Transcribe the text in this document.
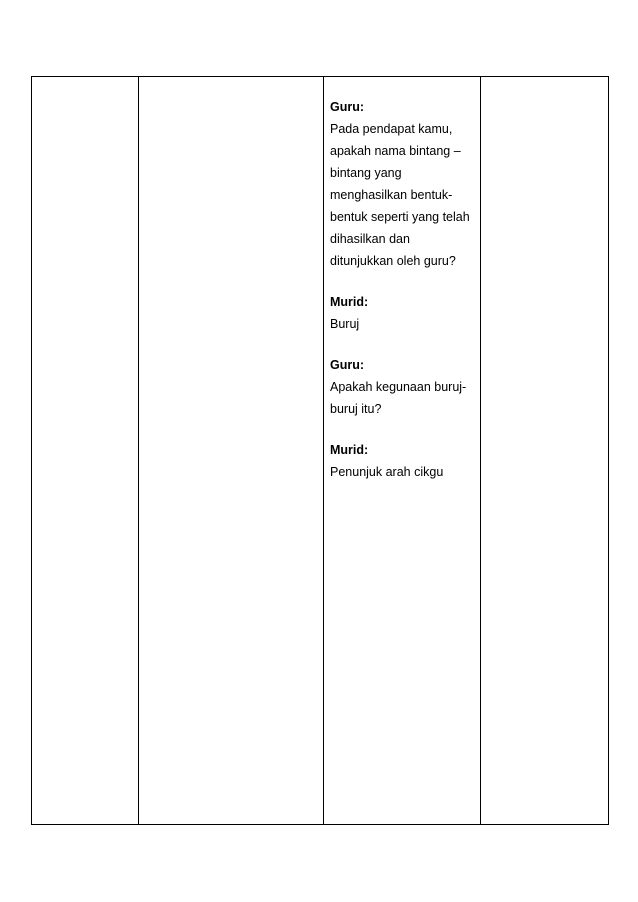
Guru:

Pada pendapat kamu,

apakah nama bintang –

bintang yang

menghasilkan bentuk-

bentuk seperti yang telah

dihasilkan dan

ditunjukkan oleh guru?

Murid:

Buruj

Guru:

Apakah kegunaan buruj-

buruj itu?

Murid:

Penunjuk arah cikgu
